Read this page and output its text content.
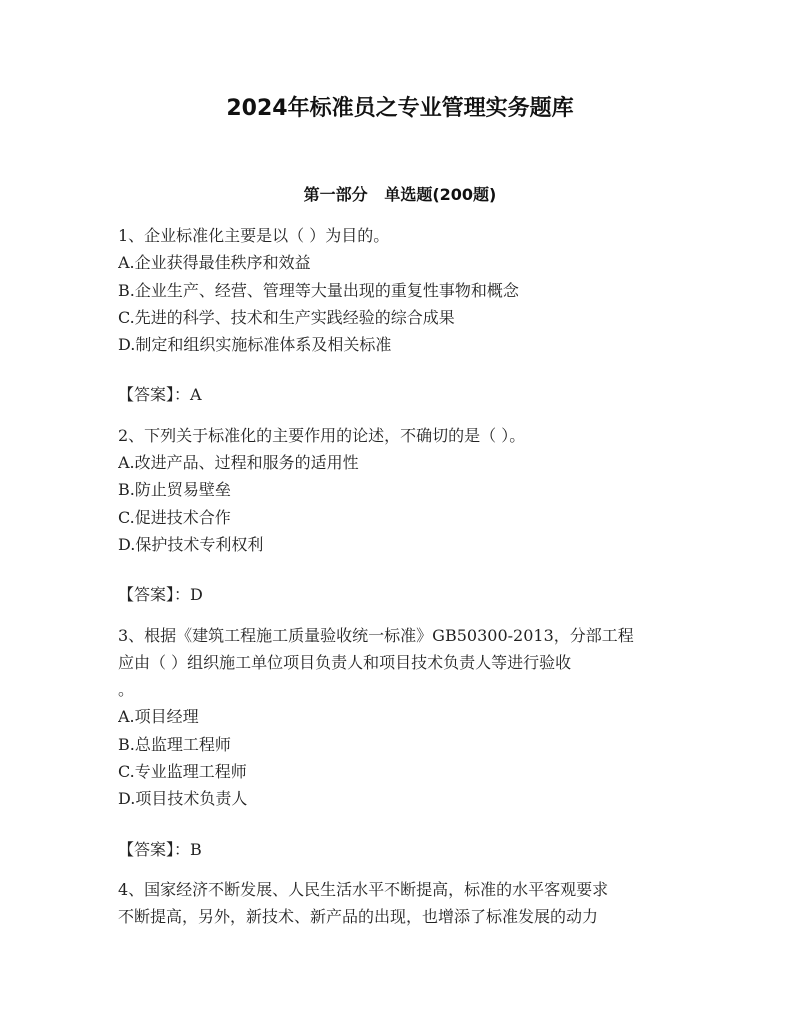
2024年标准员之专业管理实务题库
第一部分   单选题(200题)
1、企业标准化主要是以（ ）为目的。
A.企业获得最佳秩序和效益
B.企业生产、经营、管理等大量出现的重复性事物和概念
C.先进的科学、技术和生产实践经验的综合成果
D.制定和组织实施标准体系及相关标准
【答案】：A
2、下列关于标准化的主要作用的论述，不确切的是（ ）。
A.改进产品、过程和服务的适用性
B.防止贸易壁垒
C.促进技术合作
D.保护技术专利权利
【答案】：D
3、根据《建筑工程施工质量验收统一标准》GB50300-2013，分部工程
应由（ ）组织施工单位项目负责人和项目技术负责人等进行验收
。
A.项目经理
B.总监理工程师
C.专业监理工程师
D.项目技术负责人
【答案】：B
4、国家经济不断发展、人民生活水平不断提高，标准的水平客观要求
不断提高，另外，新技术、新产品的出现，也增添了标准发展的动力
